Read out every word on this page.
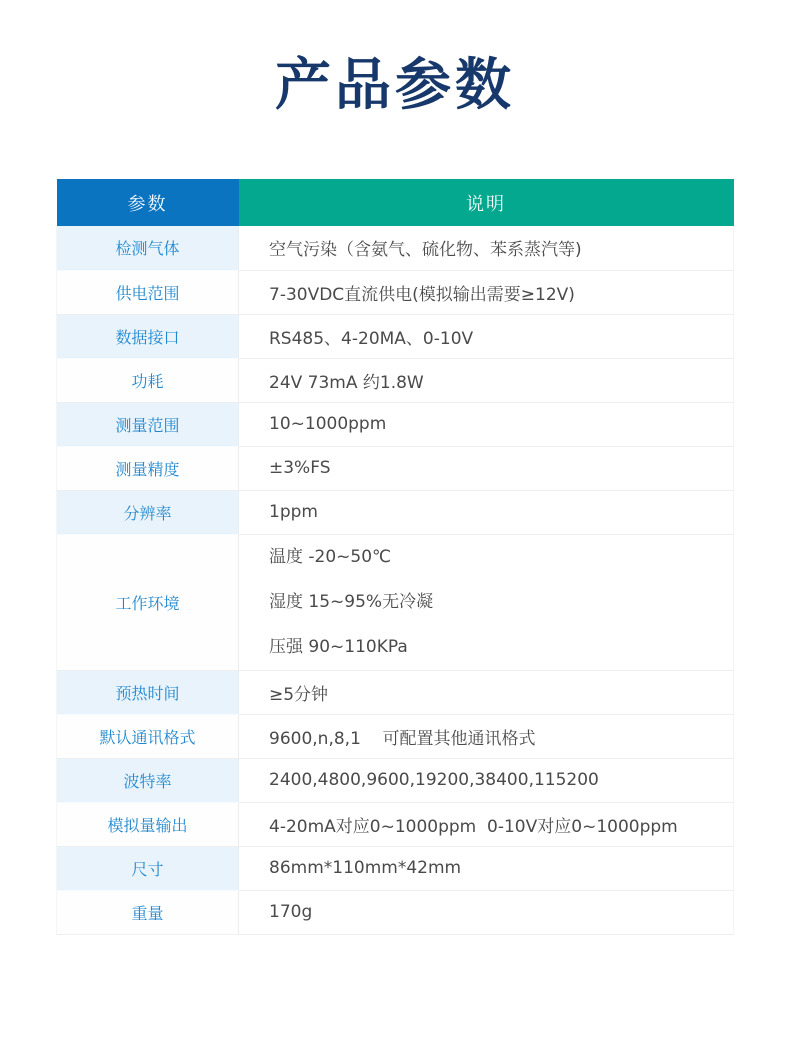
产品参数
参数	说明
检测气体	空气污染（含氨气、硫化物、苯系蒸汽等)
供电范围	7-30VDC直流供电(模拟输出需要≥12V)
数据接口	RS485、4-20MA、0-10V
功耗	24V 73mA 约1.8W
测量范围	10~1000ppm
测量精度	±3%FS
分辨率	1ppm
工作环境	温度 -20~50℃
湿度 15~95%无冷凝
压强 90~110KPa

预热时间	≥5分钟
默认通讯格式	9600,n,8,1    可配置其他通讯格式
波特率	2400,4800,9600,19200,38400,115200
模拟量输出	4-20mA对应0~1000ppm  0-10V对应0~1000ppm
尺寸	86mm*110mm*42mm
重量	170g
